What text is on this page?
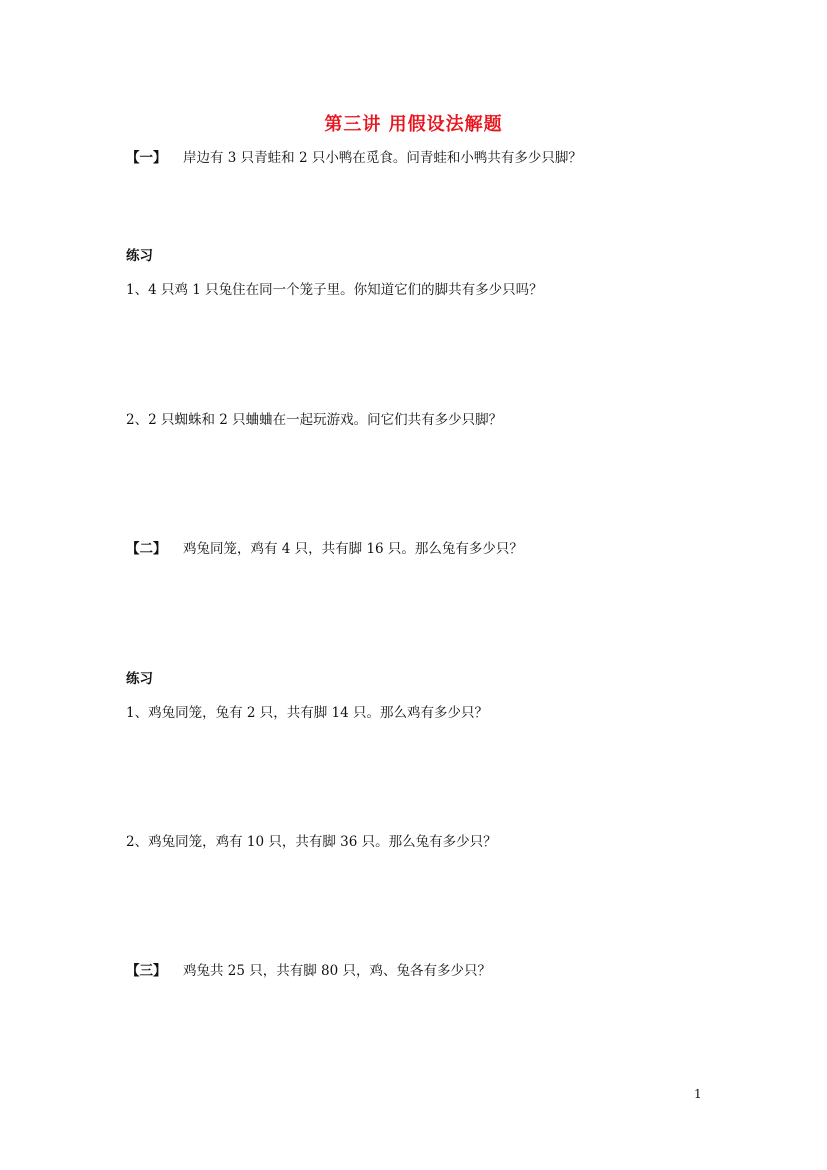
第三讲 用假设法解题
【一】 岸边有 3 只青蛙和 2 只小鸭在觅食。问青蛙和小鸭共有多少只脚？
练习
1、4 只鸡 1 只兔住在同一个笼子里。你知道它们的脚共有多少只吗？
2、2 只蜘蛛和 2 只蛐蛐在一起玩游戏。问它们共有多少只脚？
【二】 鸡兔同笼，鸡有 4 只，共有脚 16 只。那么兔有多少只？
练习
1、鸡兔同笼，兔有 2 只，共有脚 14 只。那么鸡有多少只？
2、鸡兔同笼，鸡有 10 只，共有脚 36 只。那么兔有多少只？
【三】 鸡兔共 25 只，共有脚 80 只，鸡、兔各有多少只？
1
